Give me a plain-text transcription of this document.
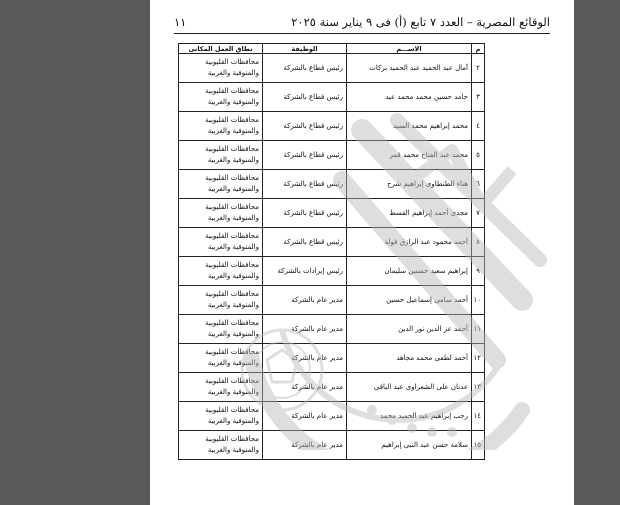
الوقائع المصرية – العدد ٧ تابع (أ) فى ٩ يناير سنة ٢٠٢٥
١١
م	الاســـم	الوظيفة	نطاق العمل المكانى
٢	آمال عبد الحميد عبد الحميد بركات	رئيس قطاع بالشركة	محافظات القليوبية
والمنوفية والغربية

٣	حامد حسين محمد محمد عيد	رئيس قطاع بالشركة	محافظات القليوبية
والمنوفية والغربية

٤	محمد إبراهيم محمد السيد	رئيس قطاع بالشركة	محافظات القليوبية
والمنوفية والغربية

٥	محمد عبد الفتاح محمد قمر	رئيس قطاع بالشركة	محافظات القليوبية
والمنوفية والغربية

٦	هناء الطنطاوى إبراهيم شرح	رئيس قطاع بالشركة	محافظات القليوبية
والمنوفية والغربية

٧	مجدى أحمد إبراهيم الفسط	رئيس قطاع بالشركة	محافظات القليوبية
والمنوفية والغربية

٨	أحمد محمود عبد الرازق فولة	رئيس قطاع بالشركة	محافظات القليوبية
والمنوفية والغربية

٩	إبراهيم سعيد حسنين سليمان	رئيس إيرادات بالشركة	محافظات القليوبية
والمنوفية والغربية

١٠	أحمد سامى إسماعيل حسين	مدير عام بالشركة	محافظات القليوبية
والمنوفية والغربية

١١	أحمد عز الدين نور الدين	مدير عام بالشركة	محافظات القليوبية
والمنوفية والغربية

١٢	أحمد لطفى محمد مجاهد	مدير عام بالشركة	محافظات القليوبية
والمنوفية والغربية

١٣	عدنان على الشعراوى عبد الباقى	مدير عام بالشركة	محافظات القليوبية
والمنوفية والغربية

١٤	رجب إبراهيم عبد الحميد محمد	مدير عام بالشركة	محافظات القليوبية
والمنوفية والغربية

١٥	سلامة حسن عبد النبى إبراهيم	مدير عام بالشركة	محافظات القليوبية
والمنوفية والغربية
